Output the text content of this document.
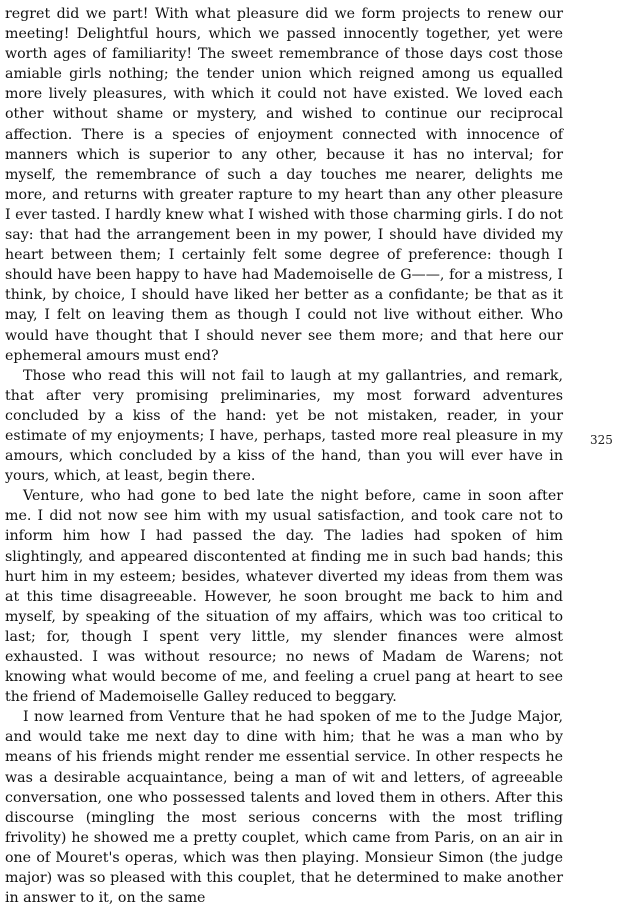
regret did we part! With what pleasure did we form projects to renew our meeting! Delightful hours, which we passed innocently together, yet were worth ages of familiarity! The sweet remembrance of those days cost those amiable girls nothing; the tender union which reigned among us equalled more lively pleasures, with which it could not have existed. We loved each other without shame or mystery, and wished to continue our reciprocal affection. There is a species of enjoyment connected with innocence of manners which is superior to any other, because it has no interval; for myself, the remembrance of such a day touches me nearer, delights me more, and returns with greater rapture to my heart than any other pleasure I ever tasted. I hardly knew what I wished with those charming girls. I do not say: that had the arrangement been in my power, I should have divided my heart between them; I certainly felt some degree of preference: though I should have been happy to have had Mademoiselle de G——, for a mistress, I think, by choice, I should have liked her better as a confidante; be that as it may, I felt on leaving them as though I could not live without either. Who would have thought that I should never see them more; and that here our ephemeral amours must end?

Those who read this will not fail to laugh at my gallantries, and remark, that after very promising preliminaries, my most forward adventures concluded by a kiss of the hand: yet be not mistaken, reader, in your estimate of my enjoyments; I have, perhaps, tasted more real pleasure in my amours, which concluded by a kiss of the hand, than you will ever have in yours, which, at least, begin there.

Venture, who had gone to bed late the night before, came in soon after me. I did not now see him with my usual satisfaction, and took care not to inform him how I had passed the day. The ladies had spoken of him slightingly, and appeared discontented at finding me in such bad hands; this hurt him in my esteem; besides, whatever diverted my ideas from them was at this time disagreeable. However, he soon brought me back to him and myself, by speaking of the situation of my affairs, which was too critical to last; for, though I spent very little, my slender finances were almost exhausted. I was without resource; no news of Madam de Warens; not knowing what would become of me, and feeling a cruel pang at heart to see the friend of Mademoiselle Galley reduced to beggary.

I now learned from Venture that he had spoken of me to the Judge Major, and would take me next day to dine with him; that he was a man who by means of his friends might render me essential service. In other respects he was a desirable acquaintance, being a man of wit and letters, of agreeable conversation, one who possessed talents and loved them in others. After this discourse (mingling the most serious concerns with the most trifling frivolity) he showed me a pretty couplet, which came from Paris, on an air in one of Mouret's operas, which was then playing. Monsieur Simon (the judge major) was so pleased with this couplet, that he determined to make another in answer to it, on the same

325
